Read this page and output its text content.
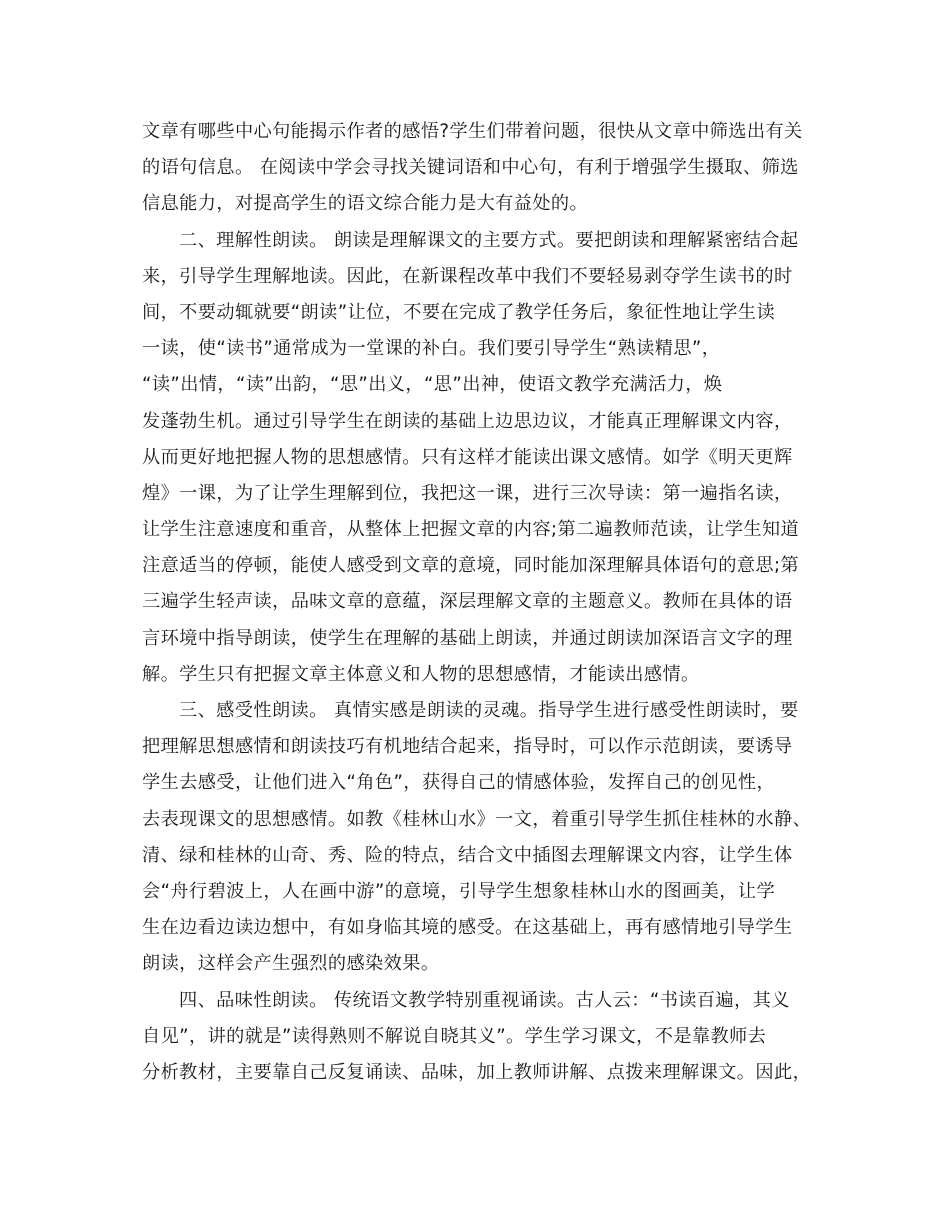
文章有哪些中心句能揭示作者的感悟?学生们带着问题，很快从文章中筛选出有关
的语句信息。 在阅读中学会寻找关键词语和中心句，有利于增强学生摄取、筛选
信息能力，对提高学生的语文综合能力是大有益处的。
二、理解性朗读。 朗读是理解课文的主要方式。要把朗读和理解紧密结合起
来，引导学生理解地读。因此，在新课程改革中我们不要轻易剥夺学生读书的时
间，不要动辄就要“朗读”让位，不要在完成了教学任务后，象征性地让学生读
一读，使“读书”通常成为一堂课的补白。我们要引导学生“熟读精思”，
“读”出情，“读”出韵，“思”出义，“思”出神，使语文教学充满活力，焕
发蓬勃生机。通过引导学生在朗读的基础上边思边议，才能真正理解课文内容，
从而更好地把握人物的思想感情。只有这样才能读出课文感情。如学《明天更辉
煌》一课，为了让学生理解到位，我把这一课，进行三次导读：第一遍指名读，
让学生注意速度和重音，从整体上把握文章的内容;第二遍教师范读，让学生知道
注意适当的停顿，能使人感受到文章的意境，同时能加深理解具体语句的意思;第
三遍学生轻声读，品味文章的意蕴，深层理解文章的主题意义。教师在具体的语
言环境中指导朗读，使学生在理解的基础上朗读，并通过朗读加深语言文字的理
解。学生只有把握文章主体意义和人物的思想感情，才能读出感情。
三、感受性朗读。 真情实感是朗读的灵魂。指导学生进行感受性朗读时，要
把理解思想感情和朗读技巧有机地结合起来，指导时，可以作示范朗读，要诱导
学生去感受，让他们进入“角色”，获得自己的情感体验，发挥自己的创见性，
去表现课文的思想感情。如教《桂林山水》一文，着重引导学生抓住桂林的水静、
清、绿和桂林的山奇、秀、险的特点，结合文中插图去理解课文内容，让学生体
会“舟行碧波上，人在画中游”的意境，引导学生想象桂林山水的图画美，让学
生在边看边读边想中，有如身临其境的感受。在这基础上，再有感情地引导学生
朗读，这样会产生强烈的感染效果。
四、品味性朗读。 传统语文教学特别重视诵读。古人云：“书读百遍，其义
自见”，讲的就是”读得熟则不解说自晓其义”。学生学习课文，不是靠教师去
分析教材，主要靠自己反复诵读、品味，加上教师讲解、点拨来理解课文。因此，
